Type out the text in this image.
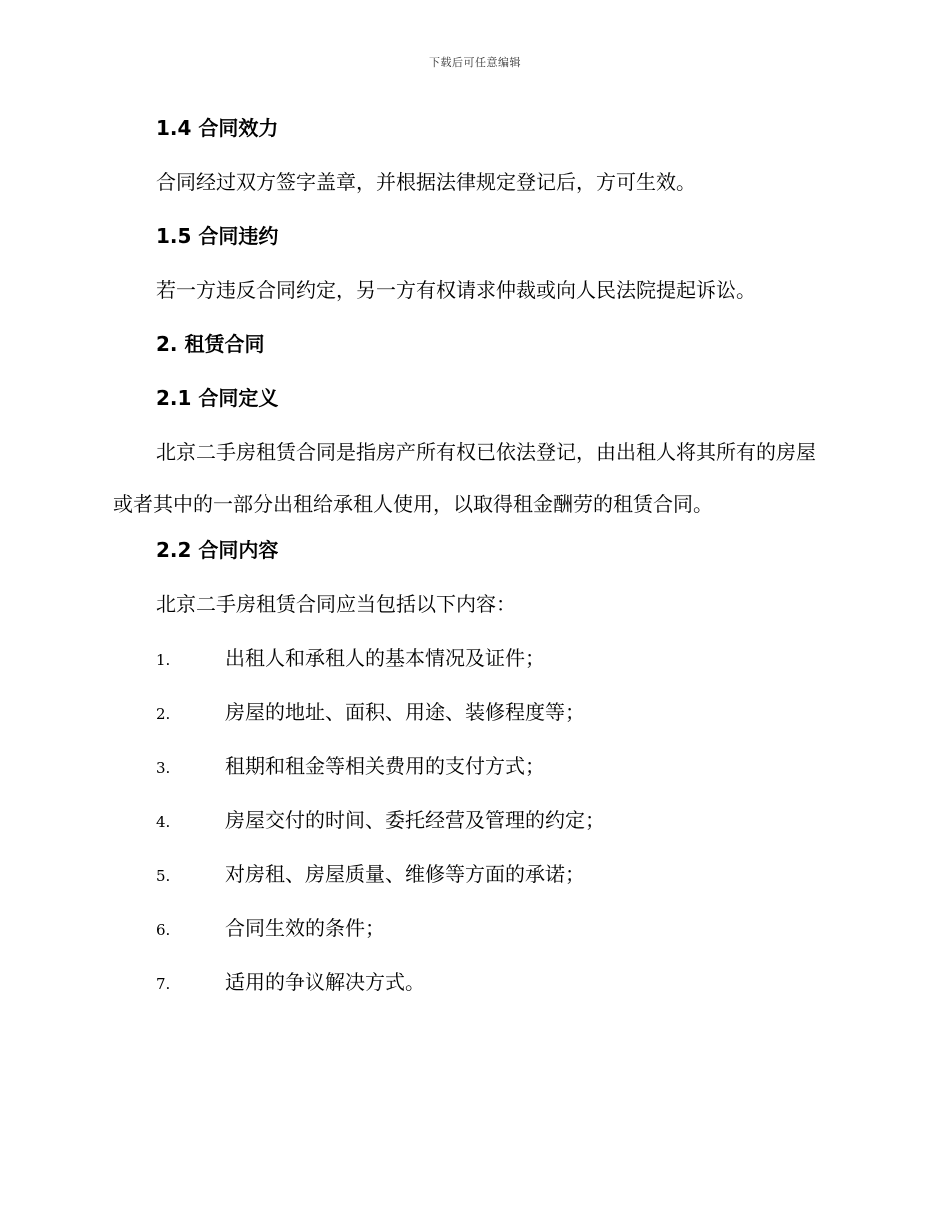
下载后可任意编辑

1.4 合同效力

合同经过双方签字盖章，并根据法律规定登记后，方可生效。

1.5 合同违约

若一方违反合同约定，另一方有权请求仲裁或向人民法院提起诉讼。

2. 租赁合同

2.1 合同定义

北京二手房租赁合同是指房产所有权已依法登记，由出租人将其所有的房屋或者其中的一部分出租给承租人使用，以取得租金酬劳的租赁合同。

2.2 合同内容

北京二手房租赁合同应当包括以下内容：

1.	出租人和承租人的基本情况及证件；
2.	房屋的地址、面积、用途、装修程度等；
3.	租期和租金等相关费用的支付方式；
4.	房屋交付的时间、委托经营及管理的约定；
5.	对房租、房屋质量、维修等方面的承诺；
6.	合同生效的条件；
7.	适用的争议解决方式。
